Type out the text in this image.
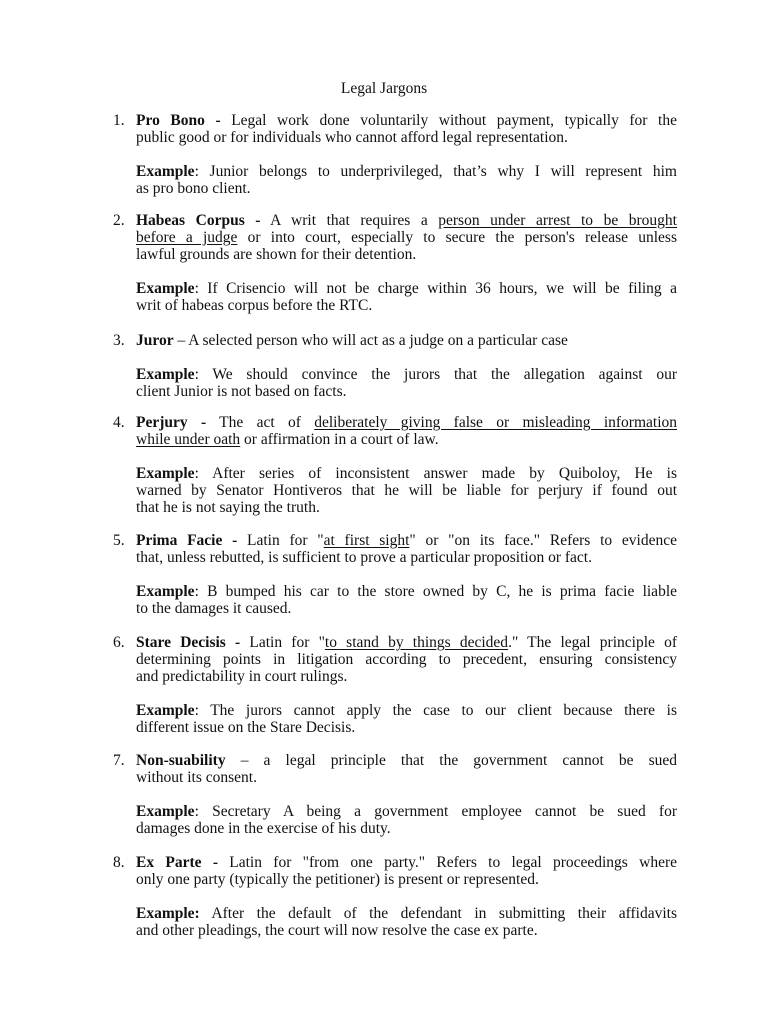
Legal Jargons
1. Pro Bono - Legal work done voluntarily without payment, typically for the
public good or for individuals who cannot afford legal representation.
Example: Junior belongs to underprivileged, that’s why I will represent him
as pro bono client.
2. Habeas Corpus - A writ that requires a person under arrest to be brought
before a judge or into court, especially to secure the person's release unless
lawful grounds are shown for their detention.
Example: If Crisencio will not be charge within 36 hours, we will be filing a
writ of habeas corpus before the RTC.
3. Juror – A selected person who will act as a judge on a particular case
Example: We should convince the jurors that the allegation against our
client Junior is not based on facts.
4. Perjury - The act of deliberately giving false or misleading information
while under oath or affirmation in a court of law.
Example: After series of inconsistent answer made by Quiboloy, He is
warned by Senator Hontiveros that he will be liable for perjury if found out
that he is not saying the truth.
5. Prima Facie - Latin for "at first sight" or "on its face." Refers to evidence
that, unless rebutted, is sufficient to prove a particular proposition or fact.
Example: B bumped his car to the store owned by C, he is prima facie liable
to the damages it caused.
6. Stare Decisis - Latin for "to stand by things decided." The legal principle of
determining points in litigation according to precedent, ensuring consistency
and predictability in court rulings.
Example: The jurors cannot apply the case to our client because there is
different issue on the Stare Decisis.
7. Non-suability – a legal principle that the government cannot be sued
without its consent.
Example: Secretary A being a government employee cannot be sued for
damages done in the exercise of his duty.
8. Ex Parte - Latin for "from one party." Refers to legal proceedings where
only one party (typically the petitioner) is present or represented.
Example: After the default of the defendant in submitting their affidavits
and other pleadings, the court will now resolve the case ex parte.
